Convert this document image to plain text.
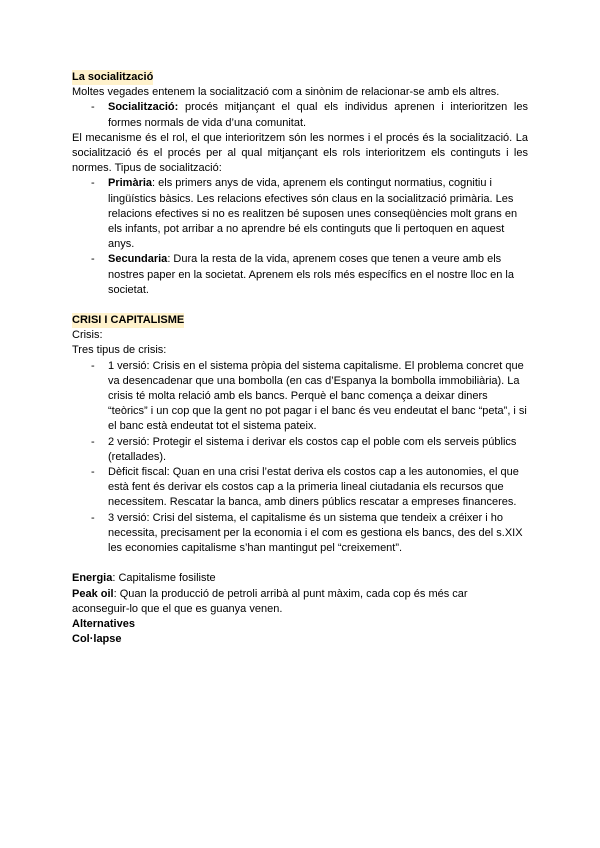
La socialització

Moltes vegades entenem la socialització com a sinònim de relacionar-se amb els altres.

- Socialització: procés mitjançant el qual els individus aprenen i interioritzen les formes normals de vida d’una comunitat.

El mecanisme és el rol, el que interioritzem són les normes i el procés és la socialització. La socialització és el procés per al qual mitjançant els rols interioritzem els continguts i les normes. Tipus de socialització:

- Primària: els primers anys de vida, aprenem els contingut normatius, cognitiu i lingüístics bàsics. Les relacions efectives són claus en la socialització primària. Les relacions efectives si no es realitzen bé suposen unes conseqüències molt grans en els infants, pot arribar a no aprendre bé els continguts que li pertoquen en aquest anys.
- Secundaria: Dura la resta de la vida, aprenem coses que tenen a veure amb els nostres paper en la societat. Aprenem els rols més específics en el nostre lloc en la societat.
CRISI I CAPITALISME

Crisis:

Tres tipus de crisis:

- 1 versió: Crisis en el sistema pròpia del sistema capitalisme. El problema concret que va desencadenar que una bombolla (en cas d’Espanya la bombolla immobiliària). La crisis té molta relació amb els bancs. Perquè el banc comença a deixar diners “teòrics” i un cop que la gent no pot pagar i el banc és veu endeutat el banc “peta”, i si el banc està endeutat tot el sistema pateix.
- 2 versió: Protegir el sistema i derivar els costos cap el poble com els serveis públics (retallades).
- Dèficit fiscal: Quan en una crisi l’estat deriva els costos cap a les autonomies, el que està fent és derivar els costos cap a la primeria lineal ciutadania els recursos que necessitem. Rescatar la banca, amb diners públics rescatar a empreses financeres.
- 3 versió: Crisi del sistema, el capitalisme és un sistema que tendeix a créixer i ho necessita, precisament per la economia i el com es gestiona els bancs, des del s.XIX les economies capitalisme s’han mantingut pel “creixement”.

Energia: Capitalisme fosiliste

Peak oil: Quan la producció de petroli arribà al punt màxim, cada cop és més car aconseguir-lo que el que es guanya venen.

Alternatives

Col·lapse
